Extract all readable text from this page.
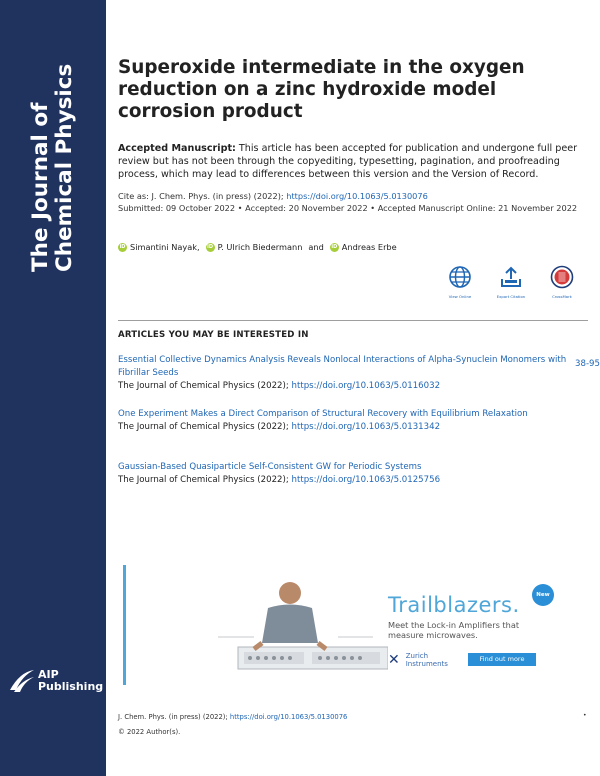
The Journal of Chemical Physics
AIP
Publishing
Superoxide intermediate in the oxygen reduction on a zinc hydroxide model corrosion product
Accepted Manuscript: This article has been accepted for publication and undergone full peer review but has not been through the copyediting, typesetting, pagination, and proofreading process, which may lead to differences between this version and the Version of Record.
Cite as: J. Chem. Phys. (in press) (2022); https://doi.org/10.1063/5.0130076
Submitted: 09 October 2022 • Accepted: 20 November 2022 • Accepted Manuscript Online: 21 November 2022
iD Simantini Nayak,	iD P. Ulrich Biedermann and	iD Andreas Erbe
View Online	Export Citation	CrossMark
ARTICLES YOU MAY BE INTERESTED IN
Essential Collective Dynamics Analysis Reveals Nonlocal Interactions of Alpha-Synuclein Monomers with Fibrillar Seeds
The Journal of Chemical Physics (2022); https://doi.org/10.1063/5.0116032
38-95
One Experiment Makes a Direct Comparison of Structural Recovery with Equilibrium Relaxation
The Journal of Chemical Physics (2022); https://doi.org/10.1063/5.0131342
Gaussian-Based Quasiparticle Self-Consistent GW for Periodic Systems
The Journal of Chemical Physics (2022); https://doi.org/10.1063/5.0125756
Trailblazers.	New
Meet the Lock-in Amplifiers that measure microwaves.
✕ Zurich
Instruments
Find out more
J. Chem. Phys. (in press) (2022); https://doi.org/10.1063/5.0130076	•
© 2022 Author(s).
